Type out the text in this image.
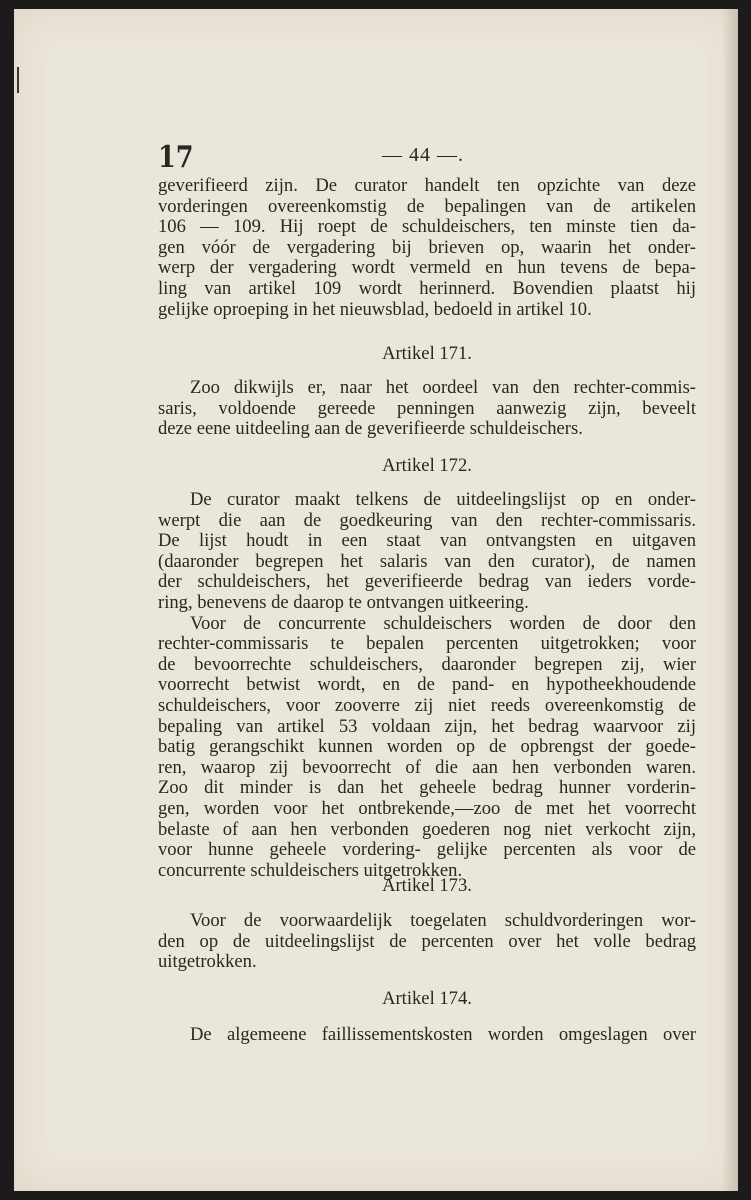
17	— 44 —.
geverifieerd zijn. De curator handelt ten opzichte van deze
vorderingen overeenkomstig de bepalingen van de artikelen
106 — 109. Hij roept de schuldeischers, ten minste tien da-
gen vóór de vergadering bij brieven op, waarin het onder-
werp der vergadering wordt vermeld en hun tevens de bepa-
ling van artikel 109 wordt herinnerd. Bovendien plaatst hij
gelijke oproeping in het nieuwsblad, bedoeld in artikel 10.
Artikel 171.
Zoo dikwijls er, naar het oordeel van den rechter-commis-
saris, voldoende gereede penningen aanwezig zijn, beveelt
deze eene uitdeeling aan de geverifieerde schuldeischers.
Artikel 172.
De curator maakt telkens de uitdeelingslijst op en onder-
werpt die aan de goedkeuring van den rechter-commissaris.
De lijst houdt in een staat van ontvangsten en uitgaven
(daaronder begrepen het salaris van den curator), de namen
der schuldeischers, het geverifieerde bedrag van ieders vorde-
ring, benevens de daarop te ontvangen uitkeering.
Voor de concurrente schuldeischers worden de door den
rechter-commissaris te bepalen percenten uitgetrokken; voor
de bevoorrechte schuldeischers, daaronder begrepen zij, wier
voorrecht betwist wordt, en de pand- en hypotheekhoudende
schuldeischers, voor zooverre zij niet reeds overeenkomstig de
bepaling van artikel 53 voldaan zijn, het bedrag waarvoor zij
batig gerangschikt kunnen worden op de opbrengst der goede-
ren, waarop zij bevoorrecht of die aan hen verbonden waren.
Zoo dit minder is dan het geheele bedrag hunner vorderin-
gen, worden voor het ontbrekende,—zoo de met het voorrecht
belaste of aan hen verbonden goederen nog niet verkocht zijn,
voor hunne geheele vordering- gelijke percenten als voor de
concurrente schuldeischers uitgetrokken.
Artikel 173.
Voor de voorwaardelijk toegelaten schuldvorderingen wor-
den op de uitdeelingslijst de percenten over het volle bedrag
uitgetrokken.
Artikel 174.
De algemeene faillissementskosten worden omgeslagen over
